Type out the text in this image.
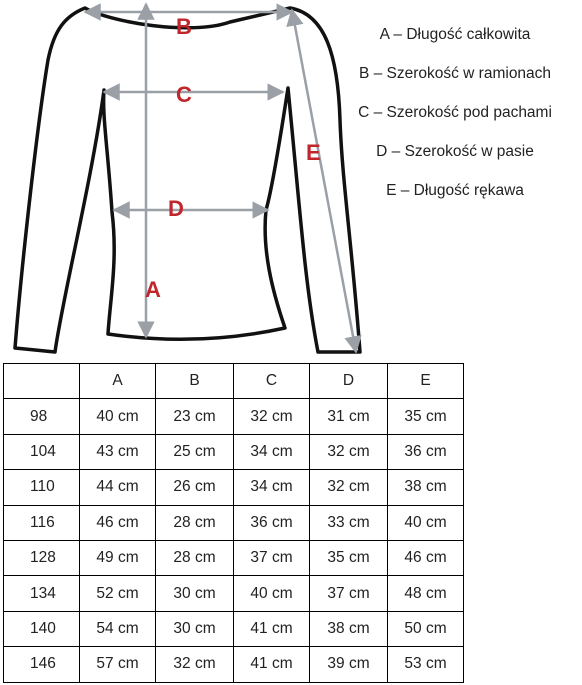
B
C
D
A
E
A – Długość całkowita
B – Szerokość w ramionach
C – Szerokość pod pachami
D – Szerokość w pasie
E – Długość rękawa
	A	B	C	D	E
98	40 cm	23 cm	32 cm	31 cm	35 cm
104	43 cm	25 cm	34 cm	32 cm	36 cm
110	44 cm	26 cm	34 cm	32 cm	38 cm
116	46 cm	28 cm	36 cm	33 cm	40 cm
128	49 cm	28 cm	37 cm	35 cm	46 cm
134	52 cm	30 cm	40 cm	37 cm	48 cm
140	54 cm	30 cm	41 cm	38 cm	50 cm
146	57 cm	32 cm	41 cm	39 cm	53 cm
